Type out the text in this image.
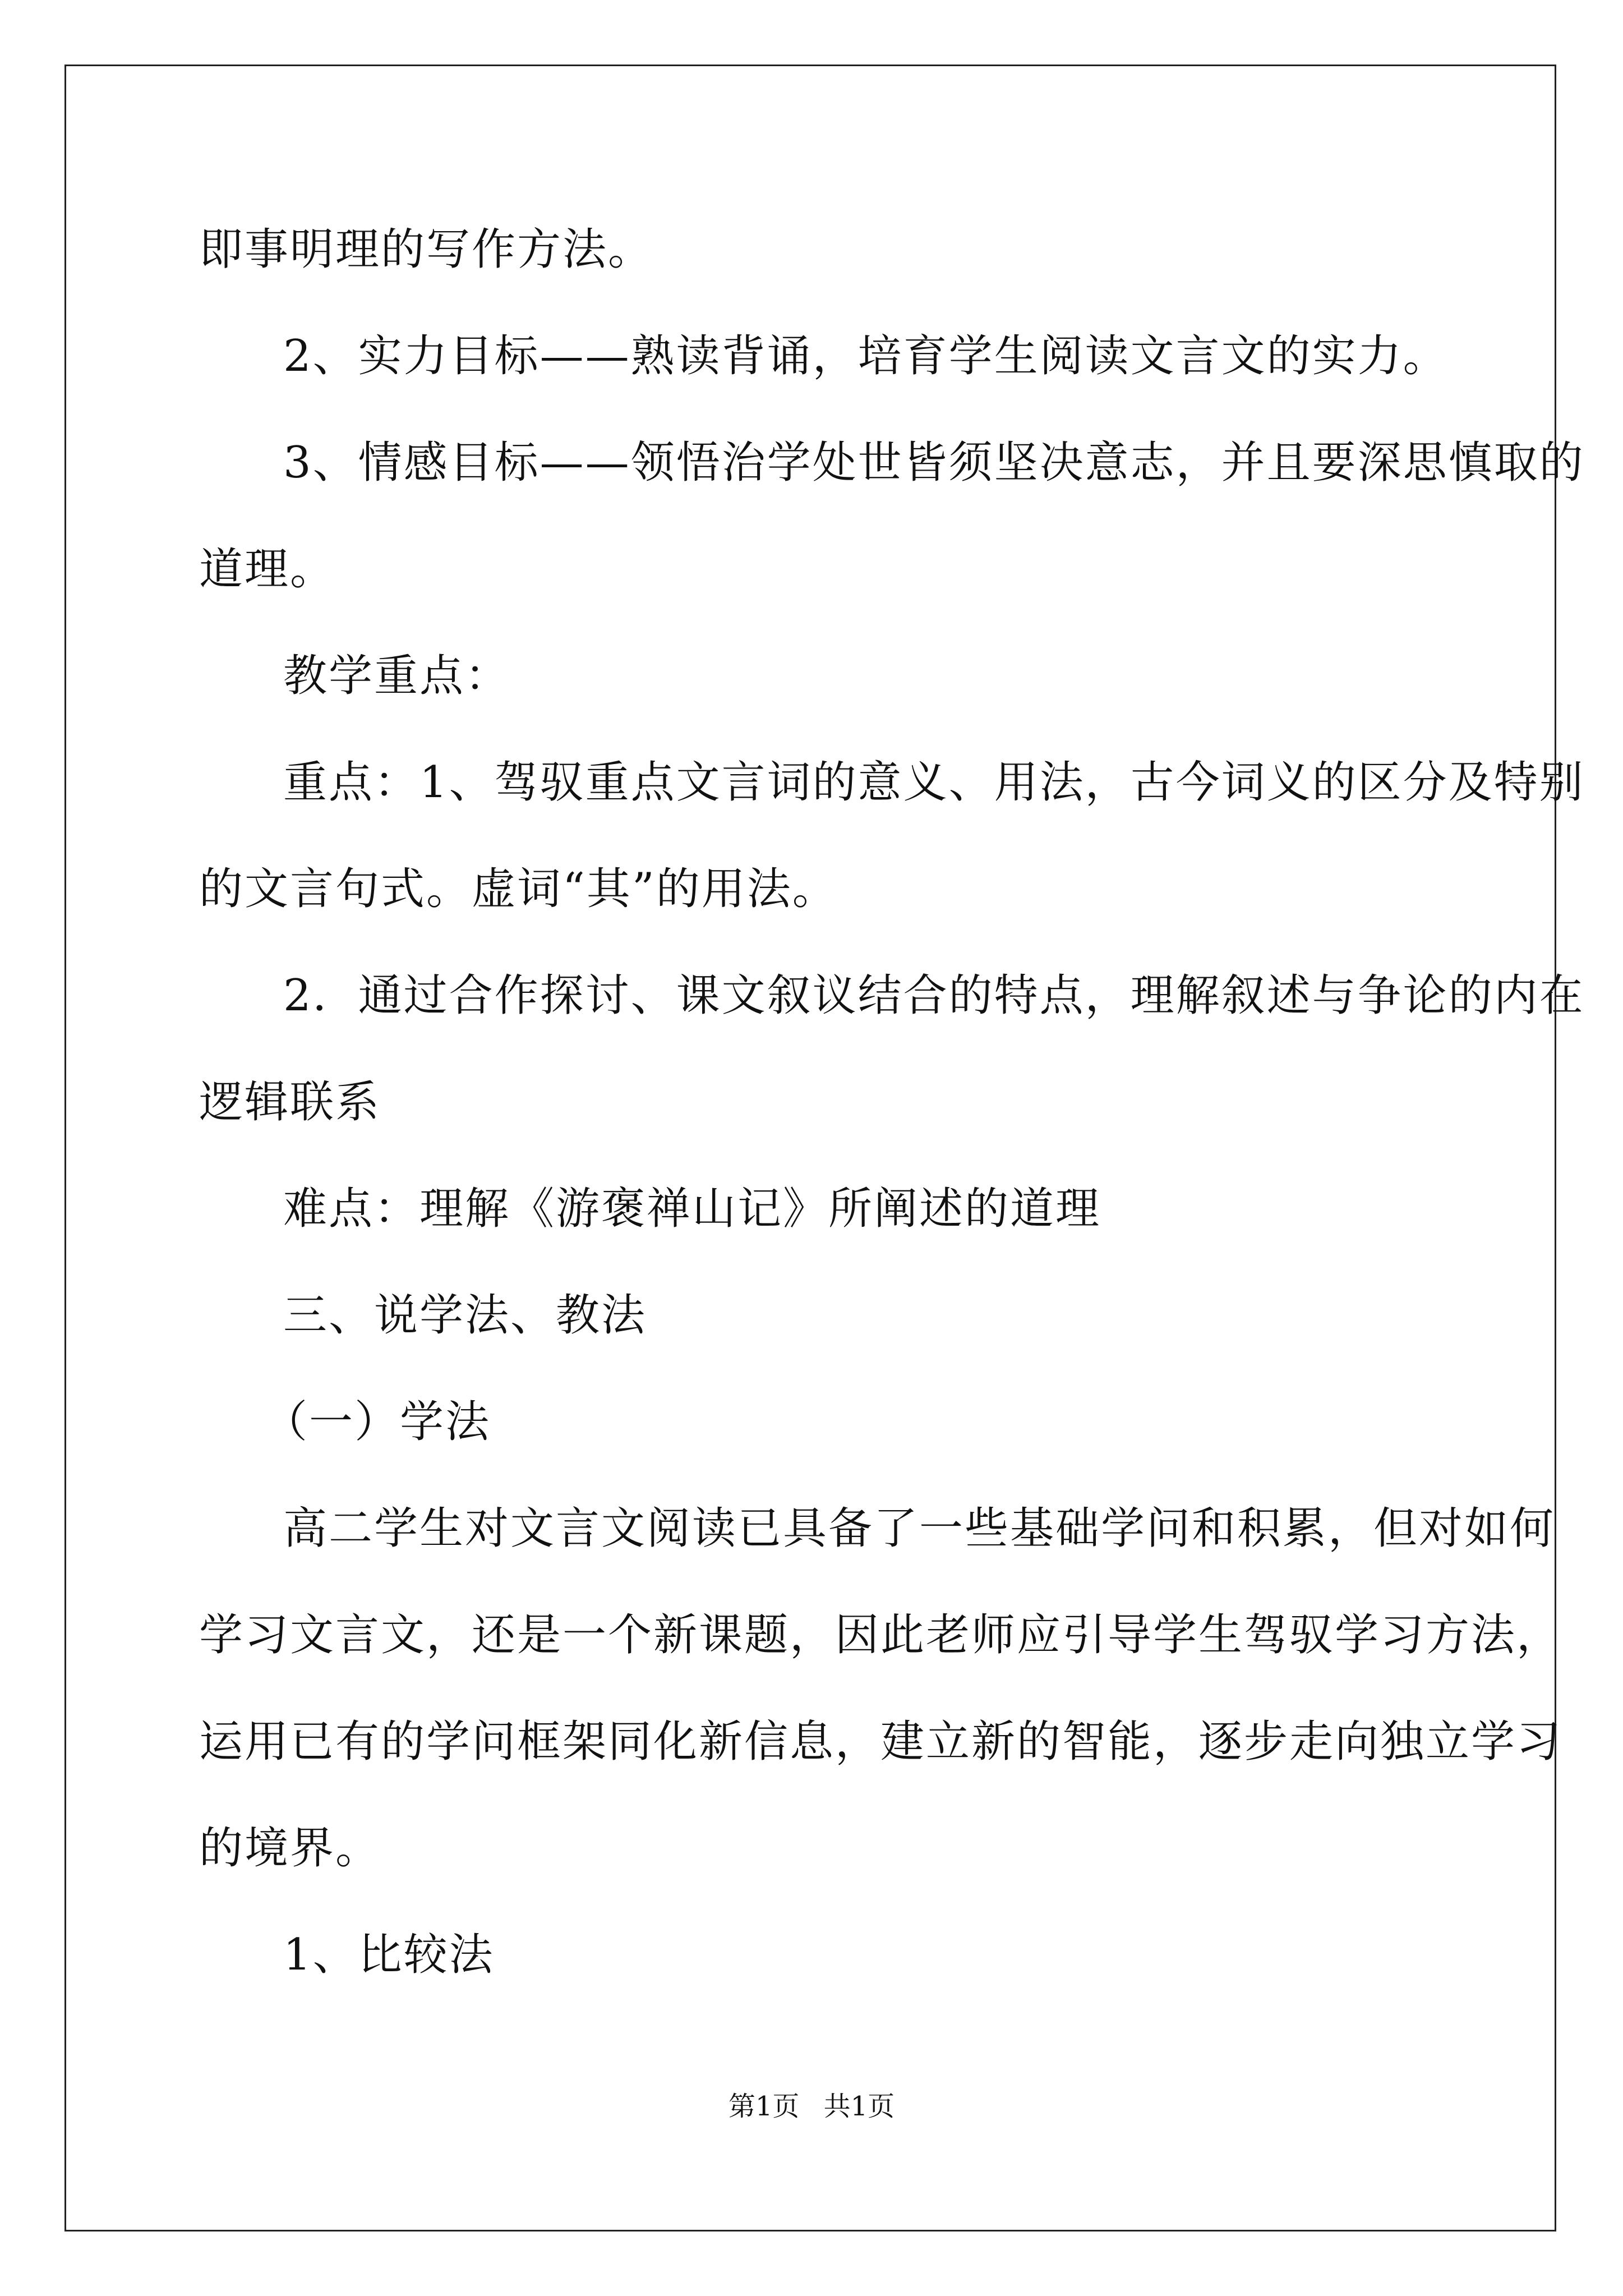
即事明理的写作方法。
2、实力目标——熟读背诵，培育学生阅读文言文的实力。
3、情感目标——领悟治学处世皆须坚决意志，并且要深思慎取的
道理。
教学重点：
重点：1、驾驭重点文言词的意义、用法，古今词义的区分及特别
的文言句式。虚词“其”的用法。
2．通过合作探讨、课文叙议结合的特点，理解叙述与争论的内在
逻辑联系
难点：理解《游褒禅山记》所阐述的道理
三、说学法、教法
（一）学法
高二学生对文言文阅读已具备了一些基础学问和积累，但对如何
学习文言文，还是一个新课题，因此老师应引导学生驾驭学习方法，
运用已有的学问框架同化新信息，建立新的智能，逐步走向独立学习
的境界。
1、比较法
第1页 共1页
